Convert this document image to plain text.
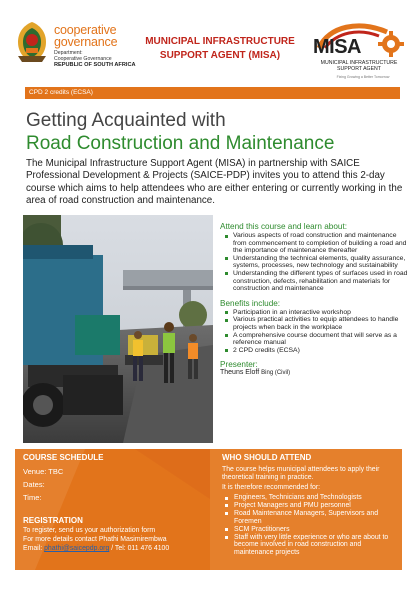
cooperative
governance
Department:
Cooperative Governance
REPUBLIC OF SOUTH AFRICA
MUNICIPAL INFRASTRUCTURE
SUPPORT AGENT (MISA)	MISA
MUNICIPAL INFRASTRUCTURE
SUPPORT AGENT
Fixing Growing a Better Tomorrow
CPD 2 credits (ECSA)
Getting Acquainted with
Road Construction and Maintenance
The Municipal Infrastructure Support Agent (MISA) in partnership with SAICE Professional Development & Projects (SAICE-PDP) invites you to attend this 2-day course which aims to help attendees who are either entering or currently working in the area of road construction and maintenance.
Attend this course and learn about:
Various aspects of road construction and maintenance from commencement to completion of building a road and the importance of maintenance thereafter
Understanding the technical elements, quality assurance, systems, processes, new technology and sustainability
Understanding the different types of surfaces used in road construction, defects, rehabilitation and materials for construction and maintenance
Benefits include:
Participation in an interactive workshop
Various practical activities to equip attendees to handle projects when back in the workplace
A comprehensive course document that will serve as a reference manual
2 CPD credits (ECSA)
Presenter:
Theuns Eloff Bing (Civil)
COURSE SCHEDULE
Venue: TBC
Dates:
Time:
REGISTRATION
To register, send us your authorization form
For more details contact Phathi Masimirembwa
Email: phathi@saicepdp.org / Tel: 011 476 4100
WHO SHOULD ATTEND
The course helps municipal attendees to apply their theoretical training in practice.
It is therefore recommended for:
Engineers, Technicians and Technologists
Project Managers and PMU personnel
Road Maintenance Managers, Supervisors and Foremen
SCM Practitioners
Staff with very little experience or who are about to become involved in road construction and maintenance projects
